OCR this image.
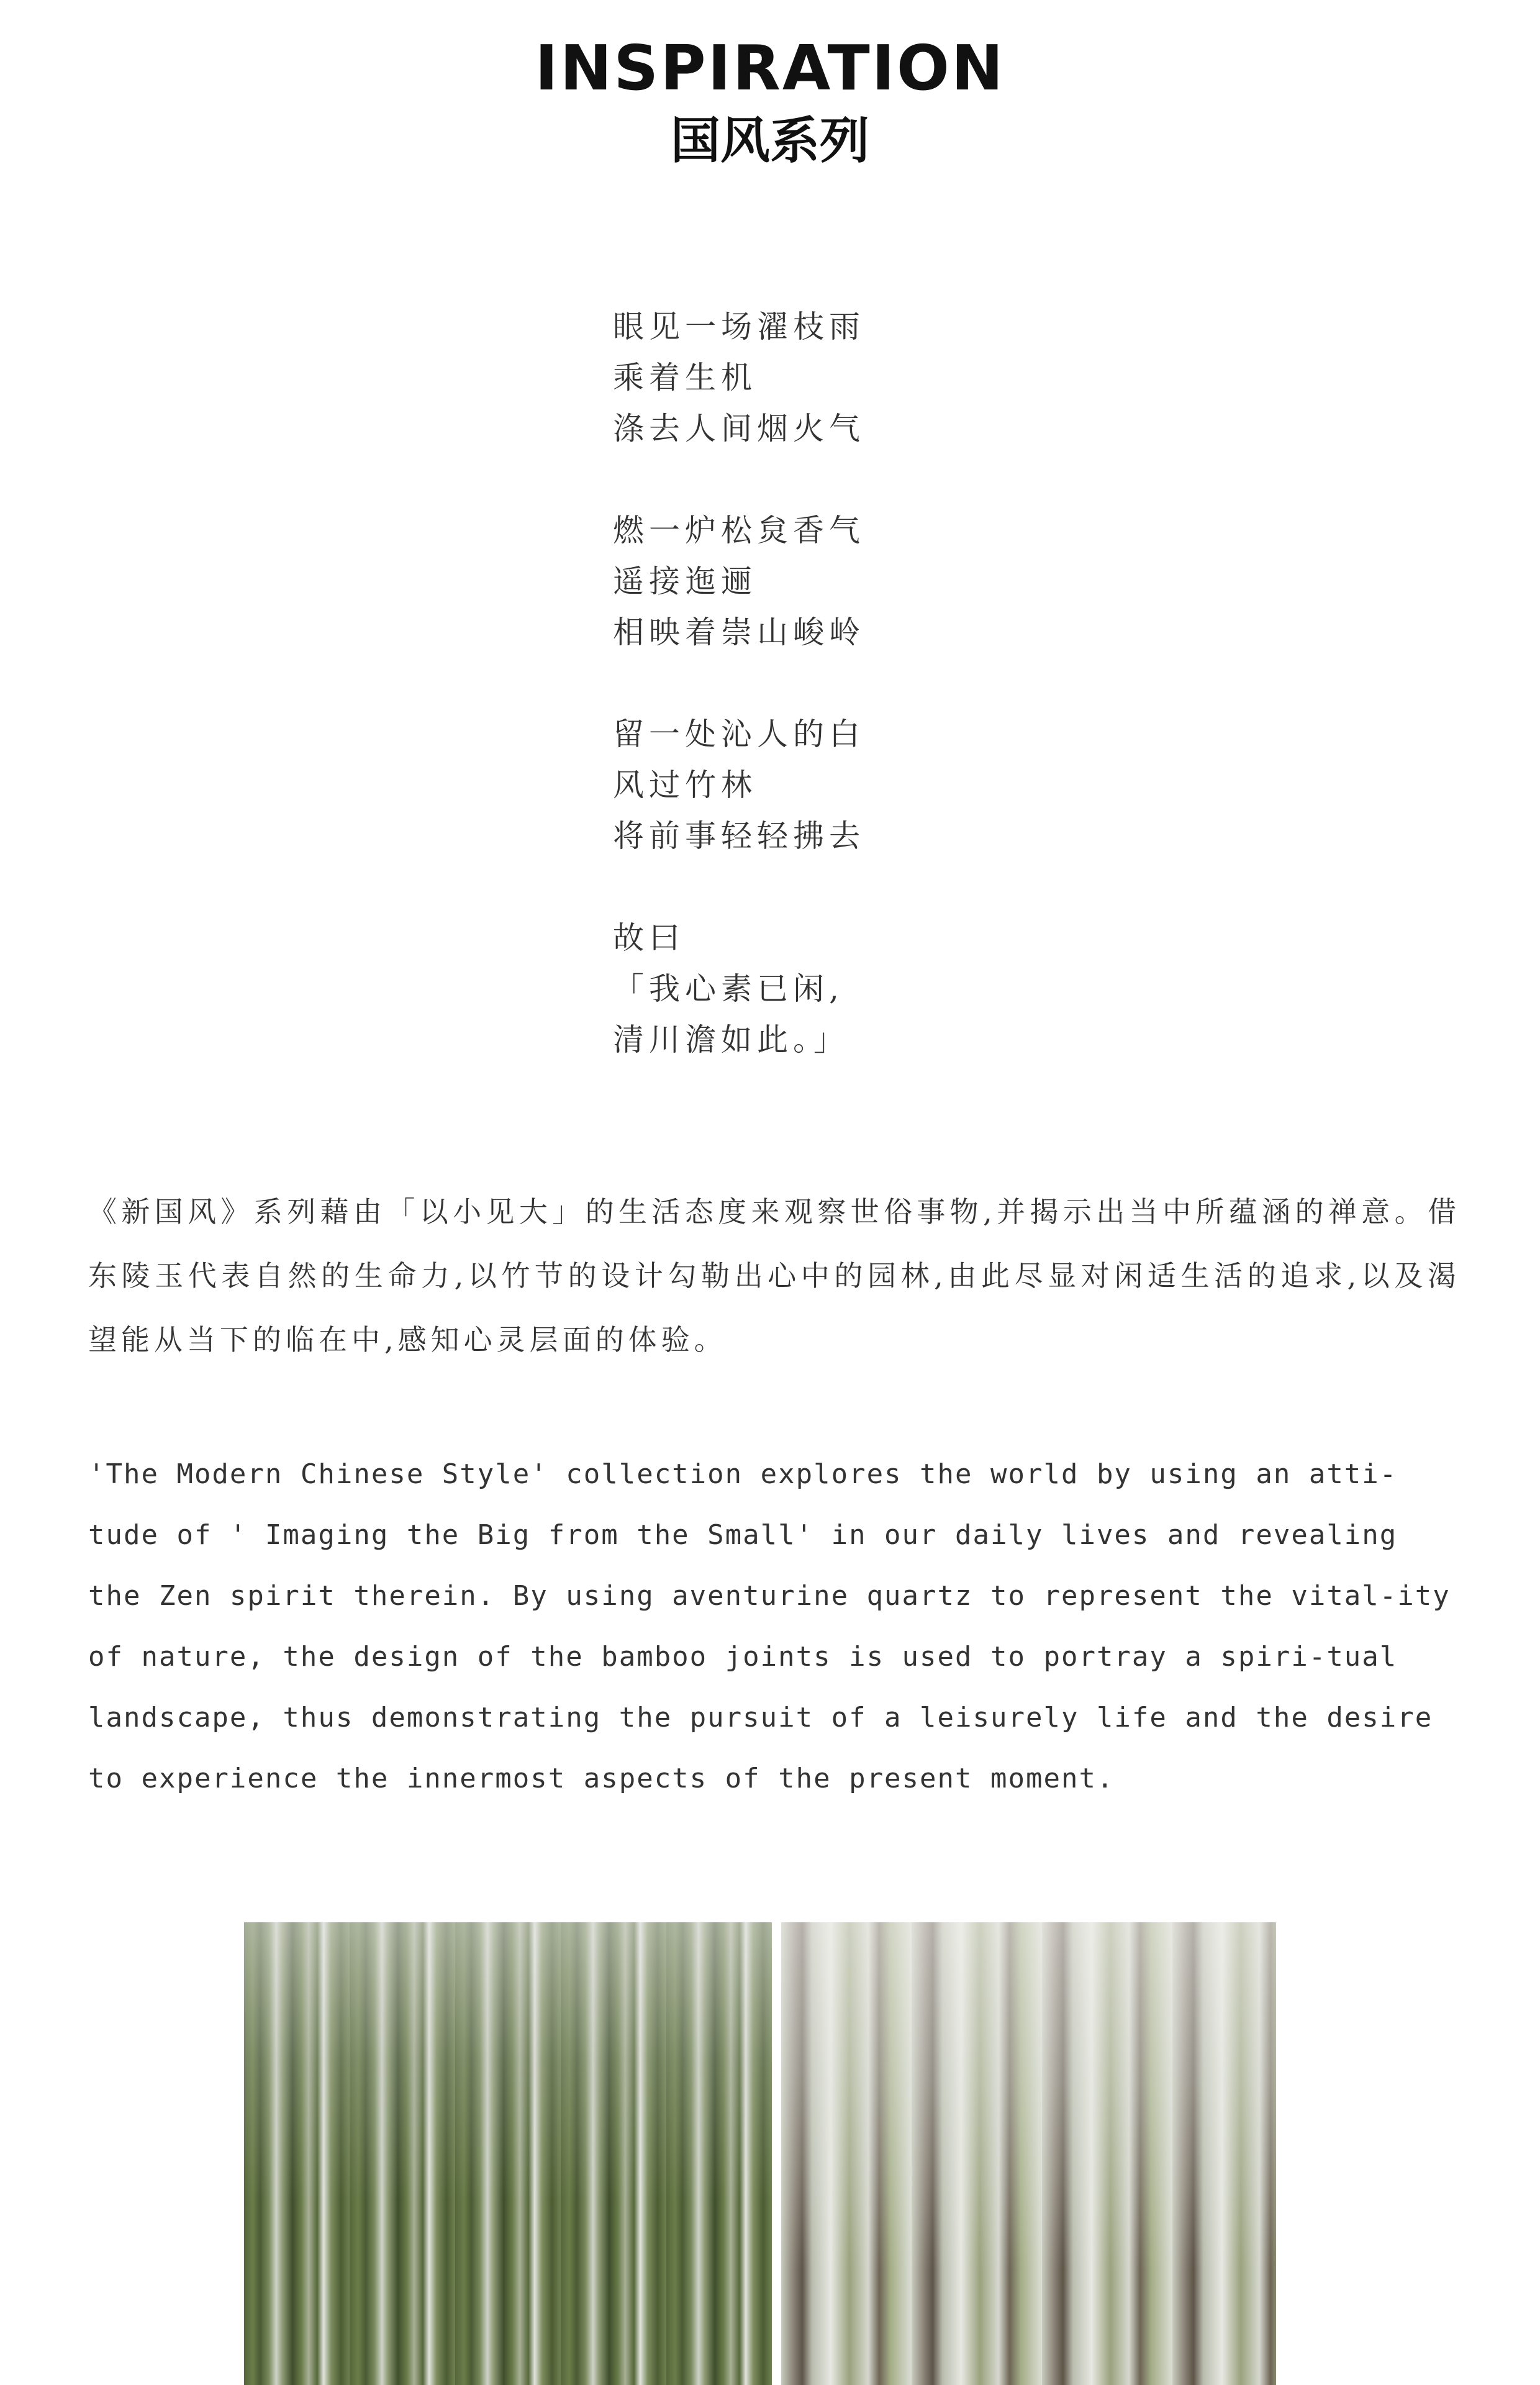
INSPIRATION
国风系列
眼见一场濯枝雨
乘着生机
涤去人间烟火气
燃一炉松炱香气
遥接迤逦
相映着崇山峻岭
留一处沁人的白
风过竹林
将前事轻轻拂去
故曰
「我心素已闲,
清川澹如此。」

《新国风》系列藉由「以小见大」的生活态度来观察世俗事物,并揭示出当中所蕴涵的禅意。借东陵玉代表自然的生命力,以竹节的设计勾勒出心中的园林,由此尽显对闲适生活的追求,以及渴望能从当下的临在中,感知心灵层面的体验。

'The Modern Chinese Style' collection explores the world by using an atti-tude of ' Imaging the Big from the Small' in our daily lives and revealing the Zen spirit therein. By using aventurine quartz to represent the vital-ity of nature, the design of the bamboo joints is used to portray a spiri-tual landscape, thus demonstrating the pursuit of a leisurely life and the desire to experience the innermost aspects of the present moment.
